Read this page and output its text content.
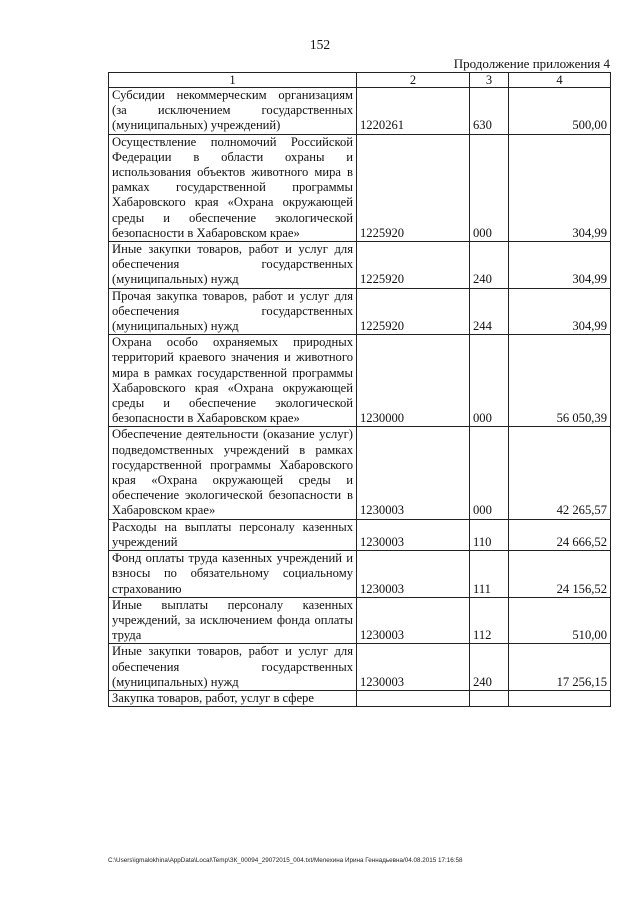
152
Продолжение приложения 4
1	2	3	4
Субсидии некоммерческим организациям (за исключением государственных (муниципальных) учреждений)	1220261	630	500,00
Осуществление полномочий Российской Федерации в области охраны и использования объектов животного мира в рамках государственной программы Хабаровского края «Охрана окружающей среды и обеспечение экологической безопасности в Хабаровском крае»	1225920	000	304,99
Иные закупки товаров, работ и услуг для обеспечения государственных (муниципальных) нужд	1225920	240	304,99
Прочая закупка товаров, работ и услуг для обеспечения государственных (муниципальных) нужд	1225920	244	304,99
Охрана особо охраняемых природных территорий краевого значения и животного мира в рамках государственной программы Хабаровского края «Охрана окружающей среды и обеспечение экологической безопасности в Хабаровском крае»	1230000	000	56 050,39
Обеспечение деятельности (оказание услуг) подведомственных учреждений в рамках государственной программы Хабаровского края «Охрана окружающей среды и обеспечение экологической безопасности в Хабаровском крае»	1230003	000	42 265,57
Расходы на выплаты персоналу казенных учреждений	1230003	110	24 666,52
Фонд оплаты труда казенных учреждений и взносы по обязательному социальному страхованию	1230003	111	24 156,52
Иные выплаты персоналу казенных учреждений, за исключением фонда оплаты труда	1230003	112	510,00
Иные закупки товаров, работ и услуг для обеспечения государственных (муниципальных) нужд	1230003	240	17 256,15
Закупка товаров, работ, услуг в сфере			
C:\Users\igmalokhina\AppData\Local\Temp\ЗК_00094_29072015_004.txt/Мелехина Ирина Геннадьевна/04.08.2015 17:16:58
